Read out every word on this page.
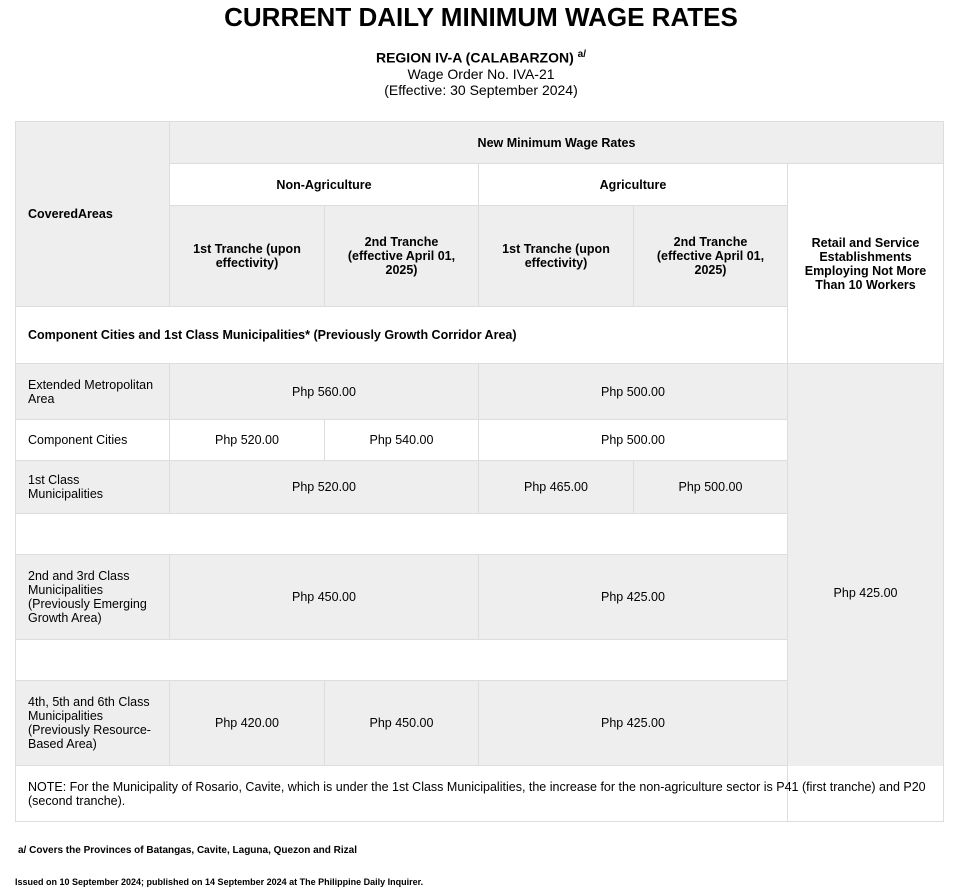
CURRENT DAILY MINIMUM WAGE RATES
REGION IV-A (CALABARZON) $^{a/}$
Wage Order No. IVA-21
(Effective: 30 September 2024)
CoveredAreas	New Minimum Wage Rates				
	Non-Agriculture		Agriculture		Retail and Service Establishments Employing Not More Than 10 Workers
	1st Tranche (upon effectivity)	2nd Tranche (effective April 01, 2025)	1st Tranche (upon effectivity)	2nd Tranche (effective April 01, 2025)	
Component Cities and 1st Class Municipalities* (Previously Growth Corridor Area)					
Extended Metropolitan Area	Php 560.00		Php 500.00		Php 425.00
Component Cities	Php 520.00	Php 540.00	Php 500.00		
1st Class Municipalities	Php 520.00		Php 465.00	Php 500.00	

2nd and 3rd Class Municipalities (Previously Emerging Growth Area)	Php 450.00		Php 425.00		

4th, 5th and 6th Class Municipalities (Previously Resource-Based Area)	Php 420.00	Php 450.00	Php 425.00		
NOTE: For the Municipality of Rosario, Cavite, which is under the 1st Class Municipalities, the increase for the non-agriculture sector is P41 (first tranche) and P20 (second tranche).					
a/ Covers the Provinces of Batangas, Cavite, Laguna, Quezon and Rizal
Issued on 10 September 2024; published on 14 September 2024 at The Philippine Daily Inquirer.
